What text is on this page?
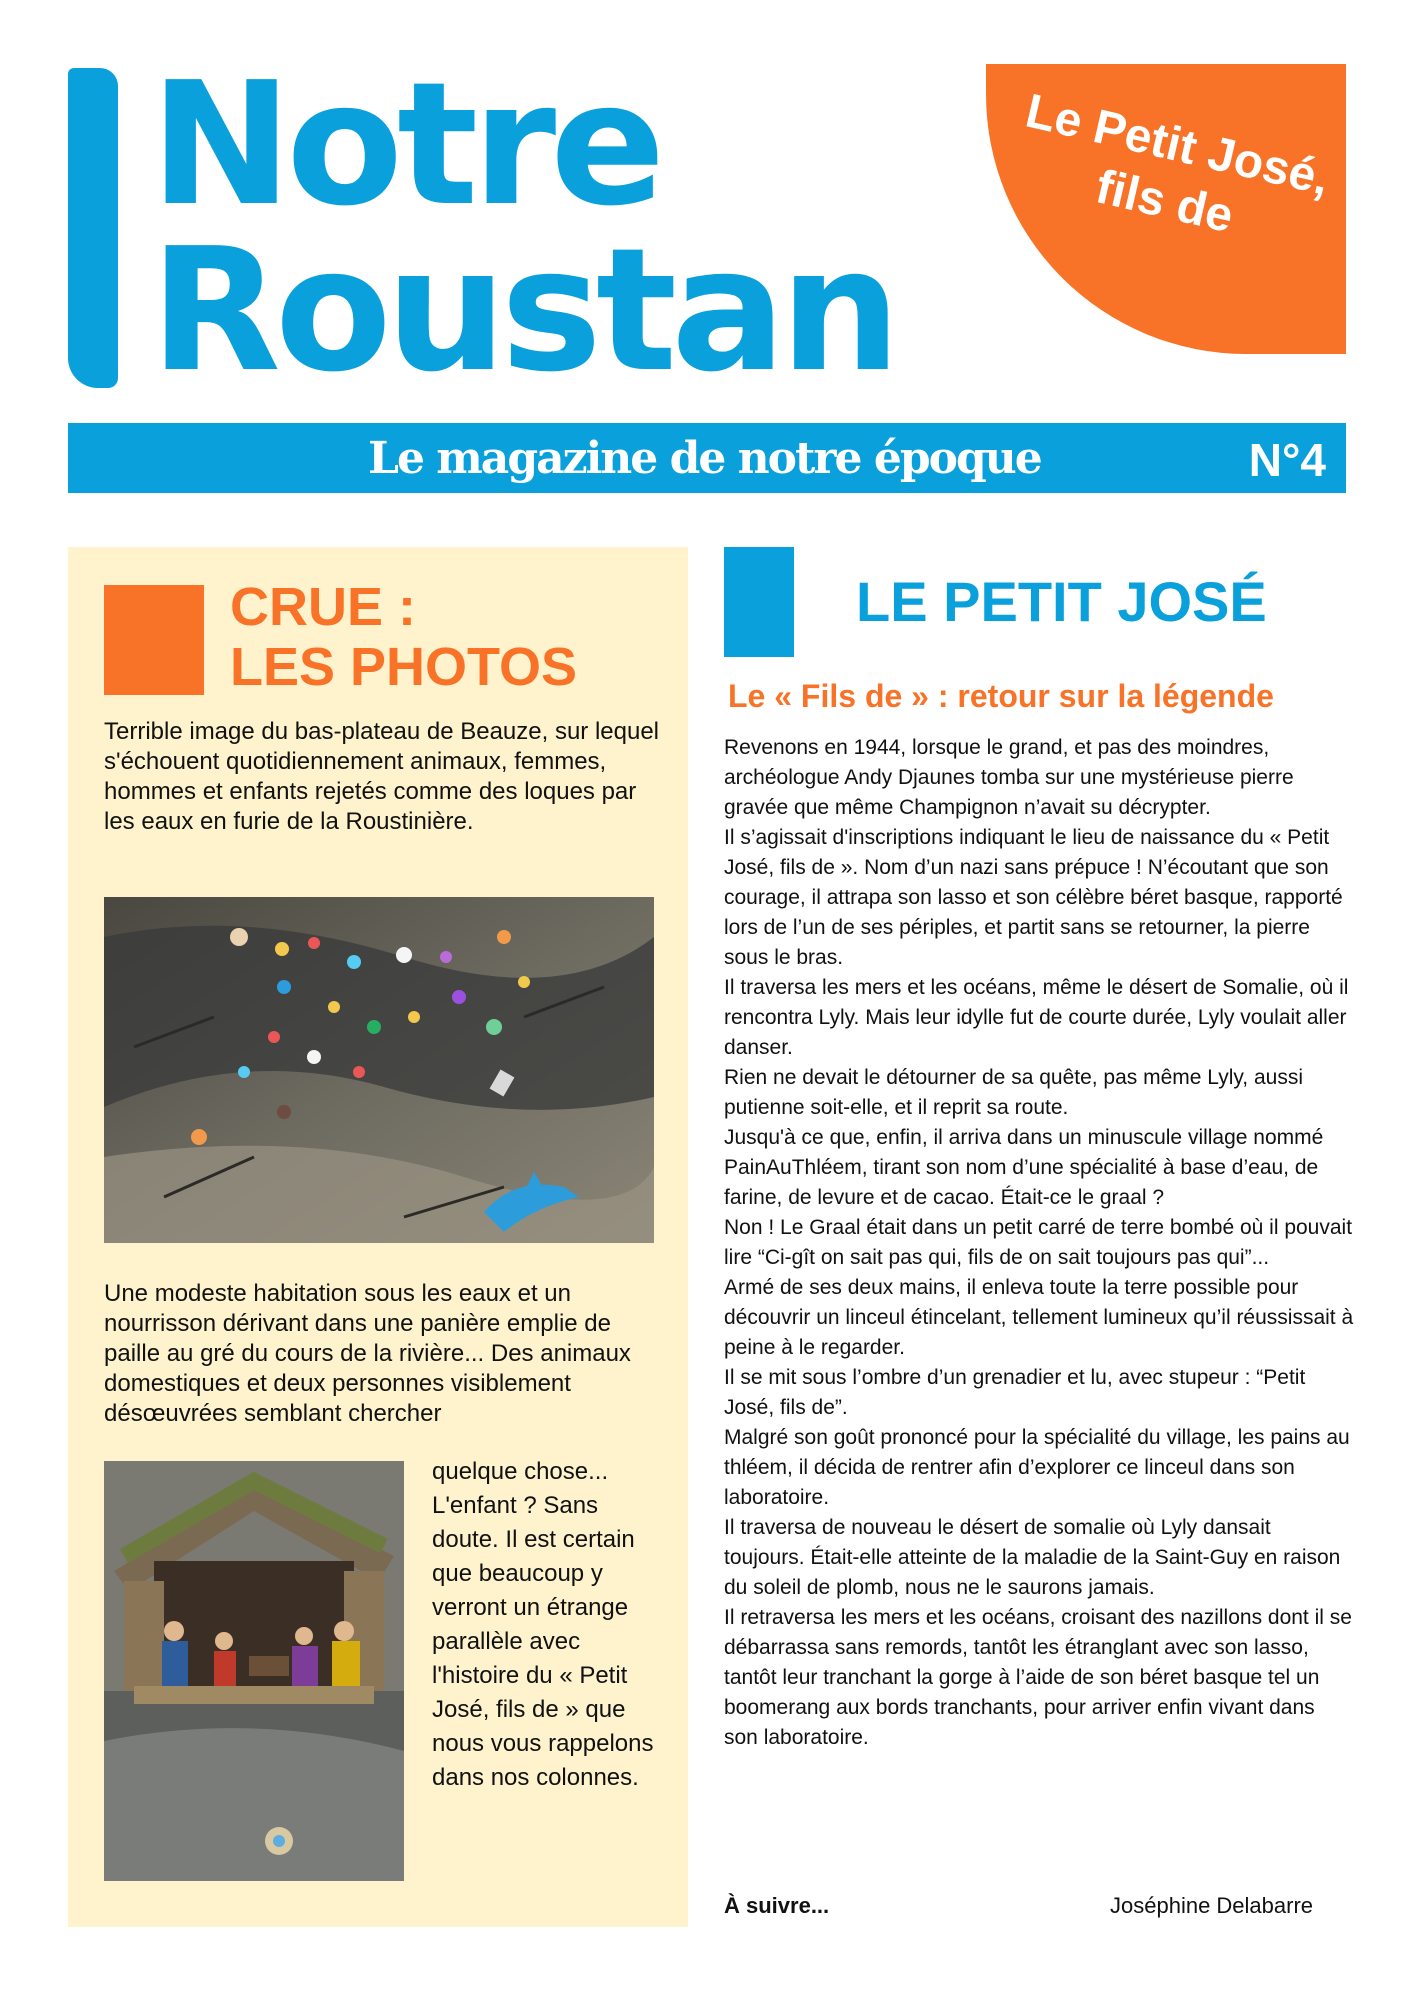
Notre
Roustan
Le Petit José, fils de
Le magazine de notre époque	N°4
CRUE :
LES PHOTOS

Terrible image du bas-plateau de Beauze, sur lequel s'échouent quotidiennement animaux, femmes, hommes et enfants rejetés comme des loques par les eaux en furie de la Roustinière.

Une modeste habitation sous les eaux et un nourrisson dérivant dans une panière emplie de paille au gré du cours de la rivière... Des animaux domestiques et deux personnes visiblement désœuvrées semblant chercher

quelque chose... L'enfant ? Sans doute. Il est certain que beaucoup y verront un étrange parallèle avec l'histoire du « Petit José, fils de » que nous vous rappelons dans nos colonnes.

LE PETIT JOSÉ
Le « Fils de » : retour sur la légende

Revenons en 1944, lorsque le grand, et pas des moindres, archéologue Andy Djaunes tomba sur une mystérieuse pierre gravée que même Champignon n’avait su décrypter.
Il s’agissait d'inscriptions indiquant le lieu de naissance du « Petit José, fils de ». Nom d’un nazi sans prépuce ! N’écoutant que son courage, il attrapa son lasso et son célèbre béret basque, rapporté lors de l’un de ses périples, et partit sans se retourner, la pierre sous le bras.
Il traversa les mers et les océans, même le désert de Somalie, où il rencontra Lyly. Mais leur idylle fut de courte durée, Lyly voulait aller danser.
Rien ne devait le détourner de sa quête, pas même Lyly, aussi putienne soit-elle, et il reprit sa route.
Jusqu'à ce que, enfin, il arriva dans un minuscule village nommé PainAuThléem, tirant son nom d’une spécialité à base d’eau, de farine, de levure et de cacao. Était-ce le graal ?
Non ! Le Graal était dans un petit carré de terre bombé où il pouvait lire “Ci-gît on sait pas qui, fils de on sait toujours pas qui”...
Armé de ses deux mains, il enleva toute la terre possible pour découvrir un linceul étincelant, tellement lumineux qu’il réussissait à peine à le regarder.
Il se mit sous l’ombre d’un grenadier et lu, avec stupeur : “Petit José, fils de”.
Malgré son goût prononcé pour la spécialité du village, les pains au thléem, il décida de rentrer afin d’explorer ce linceul dans son laboratoire.
Il traversa de nouveau le désert de somalie où Lyly dansait toujours. Était-elle atteinte de la maladie de la Saint-Guy en raison du soleil de plomb, nous ne le saurons jamais.
Il retraversa les mers et les océans, croisant des nazillons dont il se débarrassa sans remords, tantôt les étranglant avec son lasso, tantôt leur tranchant la gorge à l’aide de son béret basque tel un boomerang aux bords tranchants, pour arriver enfin vivant dans son laboratoire.

À suivre...	Joséphine Delabarre
